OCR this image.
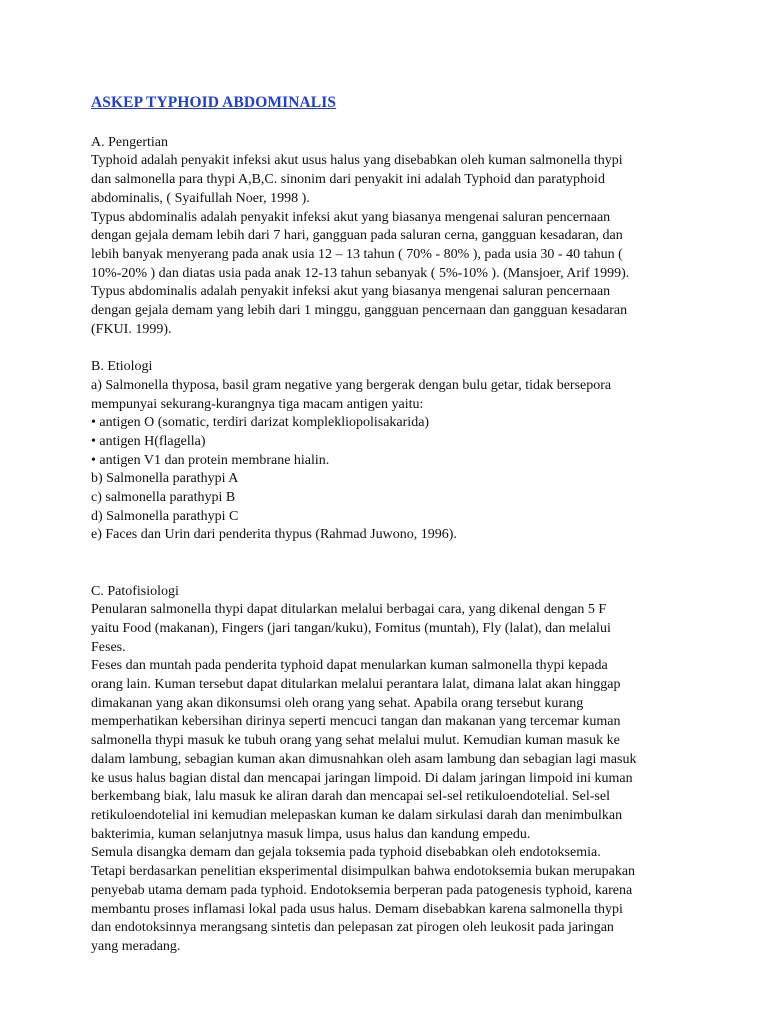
ASKEP TYPHOID ABDOMINALIS

A. Pengertian

Typhoid adalah penyakit infeksi akut usus halus yang disebabkan oleh kuman salmonella thypi

dan salmonella para thypi A,B,C. sinonim dari penyakit ini adalah Typhoid dan paratyphoid

abdominalis, ( Syaifullah Noer, 1998 ).

Typus abdominalis adalah penyakit infeksi akut yang biasanya mengenai saluran pencernaan

dengan gejala demam lebih dari 7 hari, gangguan pada saluran cerna, gangguan kesadaran, dan

lebih banyak menyerang pada anak usia 12 – 13 tahun ( 70% - 80% ), pada usia 30 - 40 tahun (

10%-20% ) dan diatas usia pada anak 12-13 tahun sebanyak ( 5%-10% ). (Mansjoer, Arif 1999).

Typus abdominalis adalah penyakit infeksi akut yang biasanya mengenai saluran pencernaan

dengan gejala demam yang lebih dari 1 minggu, gangguan pencernaan dan gangguan kesadaran

(FKUI. 1999).

B. Etiologi

a) Salmonella thyposa, basil gram negative yang bergerak dengan bulu getar, tidak bersepora

mempunyai sekurang-kurangnya tiga macam antigen yaitu:

• antigen O (somatic, terdiri darizat komplekliopolisakarida)

• antigen H(flagella)

• antigen V1 dan protein membrane hialin.

b) Salmonella parathypi A

c) salmonella parathypi B

d) Salmonella parathypi C

e) Faces dan Urin dari penderita thypus (Rahmad Juwono, 1996).

C. Patofisiologi

Penularan salmonella thypi dapat ditularkan melalui berbagai cara, yang dikenal dengan 5 F

yaitu Food (makanan), Fingers (jari tangan/kuku), Fomitus (muntah), Fly (lalat), dan melalui

Feses.

Feses dan muntah pada penderita typhoid dapat menularkan kuman salmonella thypi kepada

orang lain. Kuman tersebut dapat ditularkan melalui perantara lalat, dimana lalat akan hinggap

dimakanan yang akan dikonsumsi oleh orang yang sehat. Apabila orang tersebut kurang

memperhatikan kebersihan dirinya seperti mencuci tangan dan makanan yang tercemar kuman

salmonella thypi masuk ke tubuh orang yang sehat melalui mulut. Kemudian kuman masuk ke

dalam lambung, sebagian kuman akan dimusnahkan oleh asam lambung dan sebagian lagi masuk

ke usus halus bagian distal dan mencapai jaringan limpoid. Di dalam jaringan limpoid ini kuman

berkembang biak, lalu masuk ke aliran darah dan mencapai sel-sel retikuloendotelial. Sel-sel

retikuloendotelial ini kemudian melepaskan kuman ke dalam sirkulasi darah dan menimbulkan

bakterimia, kuman selanjutnya masuk limpa, usus halus dan kandung empedu.

Semula disangka demam dan gejala toksemia pada typhoid disebabkan oleh endotoksemia.

Tetapi berdasarkan penelitian eksperimental disimpulkan bahwa endotoksemia bukan merupakan

penyebab utama demam pada typhoid. Endotoksemia berperan pada patogenesis typhoid, karena

membantu proses inflamasi lokal pada usus halus. Demam disebabkan karena salmonella thypi

dan endotoksinnya merangsang sintetis dan pelepasan zat pirogen oleh leukosit pada jaringan

yang meradang.
